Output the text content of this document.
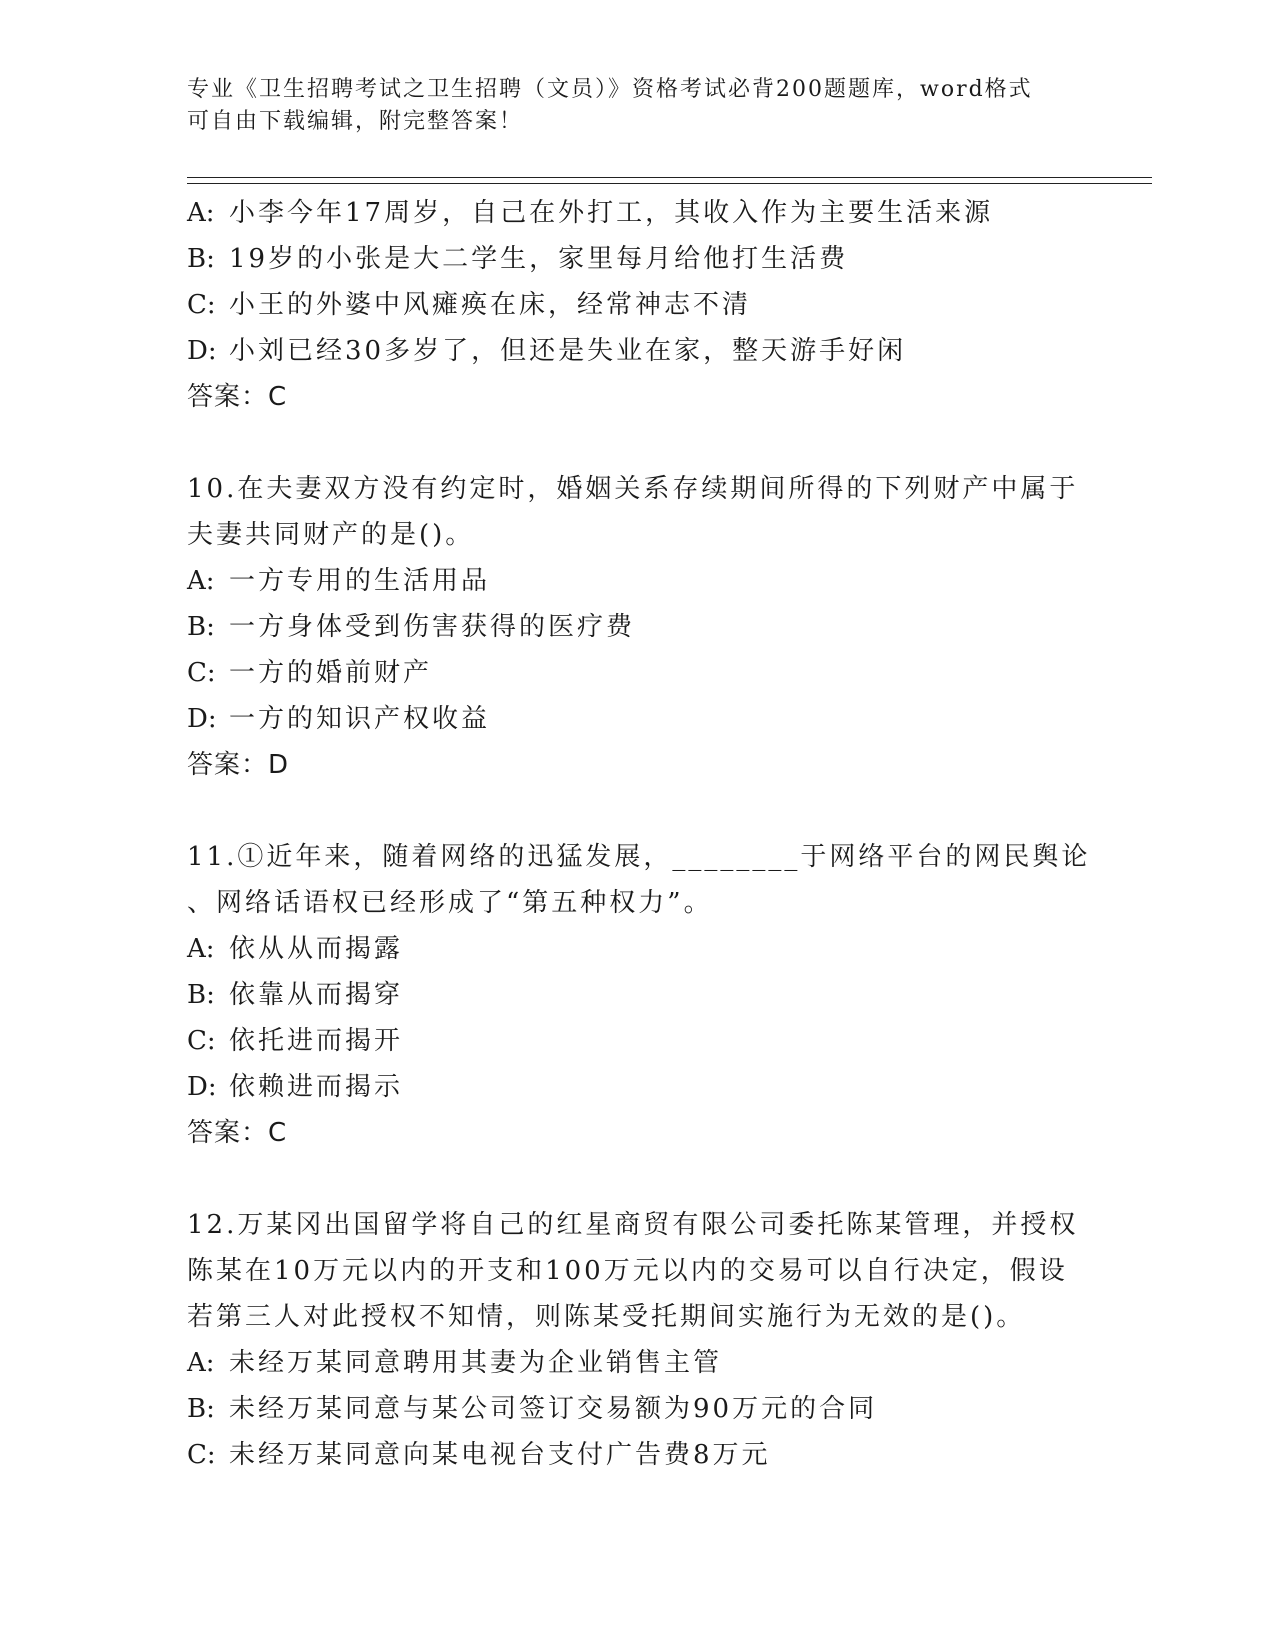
专业《卫生招聘考试之卫生招聘（文员）》资格考试必背200题题库，word格式
可自由下载编辑，附完整答案！
A: 小李今年17周岁，自己在外打工，其收入作为主要生活来源
B: 19岁的小张是大二学生，家里每月给他打生活费
C: 小王的外婆中风瘫痪在床，经常神志不清
D: 小刘已经30多岁了，但还是失业在家，整天游手好闲
答案：C
10.在夫妻双方没有约定时，婚姻关系存续期间所得的下列财产中属于
夫妻共同财产的是()。
A: 一方专用的生活用品
B: 一方身体受到伤害获得的医疗费
C: 一方的婚前财产
D: 一方的知识产权收益
答案：D
11.①近年来，随着网络的迅猛发展，________于网络平台的网民舆论
、网络话语权已经形成了“第五种权力”。
A: 依从从而揭露
B: 依靠从而揭穿
C: 依托进而揭开
D: 依赖进而揭示
答案：C
12.万某冈出国留学将自己的红星商贸有限公司委托陈某管理，并授权
陈某在10万元以内的开支和100万元以内的交易可以自行决定，假设
若第三人对此授权不知情，则陈某受托期间实施行为无效的是()。
A: 未经万某同意聘用其妻为企业销售主管
B: 未经万某同意与某公司签订交易额为90万元的合同
C: 未经万某同意向某电视台支付广告费8万元
